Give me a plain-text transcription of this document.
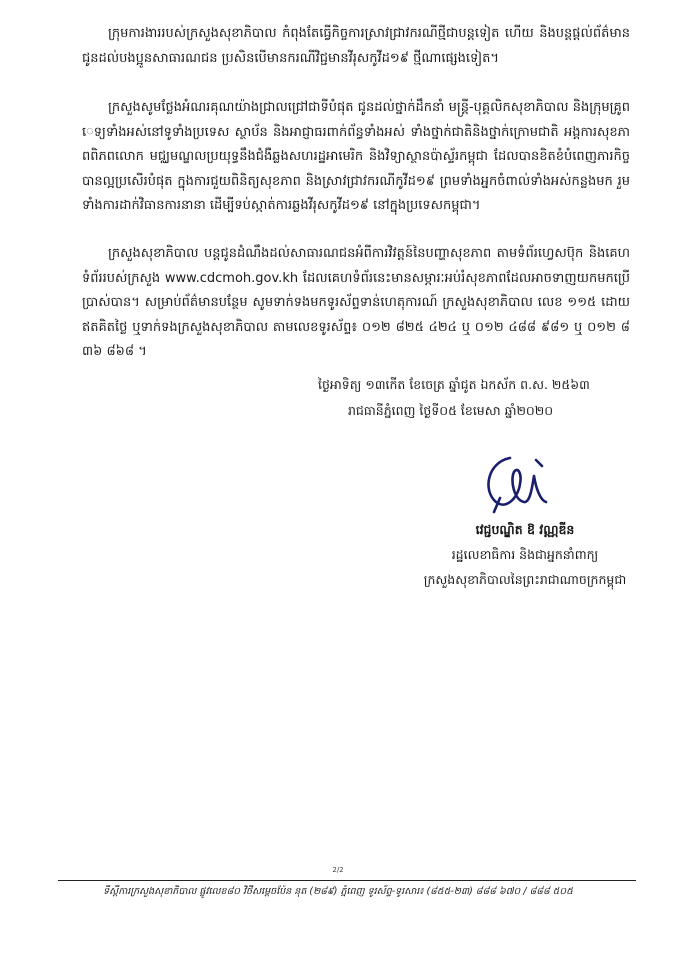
ក្រុមការងាររបស់ក្រសួងសុខាភិបាល កំពុងតែធ្វើកិច្ចការស្រាវជ្រាវករណីថ្មីជាបន្តទៀត ហើយ និងបន្តផ្តល់ព័ត៌មានជូនដល់បងប្អូនសាធារណជន ប្រសិនបើមានករណីវិជ្ជមានវីរុសកូវីដ១៩ ថ្មីណាផ្សេងទៀត។

ក្រសួងសូមថ្លែងអំណរគុណយ៉ាងជ្រាលជ្រៅជាទីបំផុត ជូនដល់ថ្នាក់ដឹកនាំ មន្ត្រី-បុគ្គលិកសុខាភិបាល និងក្រុមគ្រូពេទ្យទាំងអស់នៅទូទាំងប្រទេស ស្ថាប័ន និងអាជ្ញាធរពាក់ព័ន្ធទាំងអស់ ទាំងថ្នាក់ជាតិនិងថ្នាក់ក្រោមជាតិ អង្គការសុខភាពពិភពលោក មជ្ឈមណ្ឌលប្រយុទ្ធនឹងជំងឺឆ្លងសហរដ្ឋអាមេរិក និងវិទ្យាស្ថានប៉ាស្ទ័រកម្ពុជា ដែលបានខិតខំបំពេញភារកិច្ចបានល្អប្រសើរបំផុត ក្នុងការជួយពិនិត្យសុខភាព និងស្រាវជ្រាវករណីកូវីដ១៩ ព្រមទាំងអ្នកចំពាល់ទាំងអស់កន្លងមក រួមទាំងការដាក់វិធានការនានា ដើម្បីទប់ស្កាត់ការឆ្លងវីរុសកូវីដ១៩ នៅក្នុងប្រទេសកម្ពុជា។

ក្រសួងសុខាភិបាល បន្តជូនដំណឹងដល់សាធារណជនអំពីការវិវត្តន៍នៃបញ្ហាសុខភាព តាមទំព័រហ្វេសប៊ុក និងគេហទំព័ររបស់ក្រសួង www.cdcmoh.gov.kh ដែលគេហទំព័រនេះមានសម្ភារៈអប់រំសុខភាពដែលអាចទាញយកមកប្រើប្រាស់បាន។ សម្រាប់ព័ត៌មានបន្ថែម សូមទាក់ទងមកទូរស័ព្ទទាន់ហេតុការណ៍ ក្រសួងសុខាភិបាល លេខ ១១៥ ដោយឥតគិតថ្លៃ ឬទាក់ទងក្រសួងសុខាភិបាល តាមលេខទូរស័ព្ទ៖ ០១២ ៨២៥ ៤២៤ ឬ ០១២ ៤៨៨ ៩៨១ ឬ ០១២ ៨៣៦ ៨៦៨ ។

ថ្ងៃអាទិត្យ ១៣កើត ខែចេត្រ ឆ្នាំជូត ឯកស័ក ព.ស. ២៥៦៣
រាជធានីភ្នំពេញ ថ្ងៃទី០៥ ខែមេសា ឆ្នាំ២០២០
វេជ្ជបណ្ឌិត ឱ វណ្ណឌីន
រដ្ឋលេខាធិការ និងជាអ្នកនាំពាក្យ
ក្រសួងសុខាភិបាលនៃព្រះរាជាណាចក្រកម្ពុជា
2/2
ទីស្តីការក្រសួងសុខាភិបាល ផ្លូវលេខ៨០ វិថីសម្តេចប៉ែន នុត (២៨៩) ភ្នំពេញ ទូរស័ព្ទ-ទូរសារ៖ (៨៥៥-២៣) ៨៨៨ ៦៧០ / ៨៨៨ ៥០៥
